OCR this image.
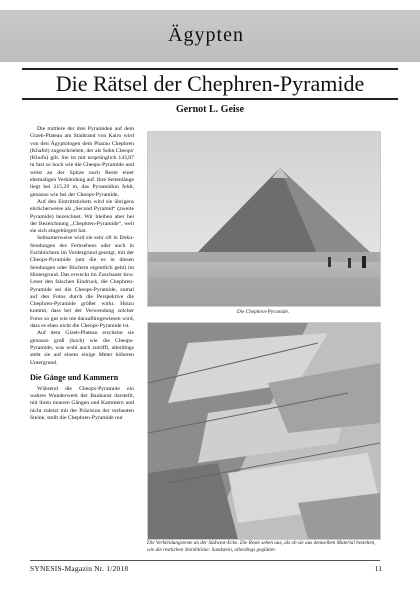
Ägypten
Die Rätsel der Chephren-Pyramide
Gernot L. Geise

Die mittlere der drei Pyramiden auf dem Gizeh-Plateau am Stadtrand von Kairo wird von den Ägyptologen dem Pharao Chephren (Khafré) zugeschrieben, der als Sohn Cheops' (Khufu) gilt. Sie ist mit ursprünglich 143,87 m fast so hoch wie die Cheops-Pyramide und weist an der Spitze noch Reste einer ehemaligen Verkleidung auf. Ihre Seitenlänge liegt bei 215,29 m, das Pyramidion fehlt, genauso wie bei der Cheops-Pyramide.

Auf den Eintrittstickets wird sie übrigens ehrlicherweise als „Second Pyramid“ (zweite Pyramide) bezeichnet. Wir bleiben aber bei der Bezeichnung „Chephren-Pyramide“, weil sie sich eingebürgert hat.

Seltsamerweise wird sie sehr oft in Doku-Sendungen des Fernsehens oder auch in Fachbüchern im Vordergrund gezeigt, mit der Cheops-Pyramide (um die es in diesen Sendungen oder Büchern eigentlich geht) im Hintergrund. Das erweckt im Zuschauer bzw. Leser den falschen Eindruck, die Chephren-Pyramide sei die Cheops-Pyramide, zumal auf den Fotos durch die Perspektive die Chephren-Pyramide größer wirkt. Hinzu kommt, dass bei der Verwendung solcher Fotos so gut wie nie daraufhingewiesen wird, dass es eben nicht die Cheops-Pyramide ist.

Auf dem Gizeh-Plateau erscheint sie genauso groß (hoch) wie die Cheops-Pyramide, was wohl auch zutrifft, allerdings steht sie auf einem einige Meter höheren Untergrund.

Die Gänge und Kammern

Während die Cheops-Pyramide ein wahres Wunderwerk der Baukunst darstellt, mit ihren inneren Gängen und Kammern und nicht zuletzt mit der Präzision der verbauten Steine, stellt die Chephren-Pyramide nur

Die Chephren-Pyramide.
Die Verkleidungsreste an der Südwest-Ecke. Die Reste sehen aus, als ob sie aus demselben Material bestehen, wie die restlichen Steinblöcke: Sandstein, allerdings geglättet.
SYNESIS-Magazin Nr. 1/2018	11
